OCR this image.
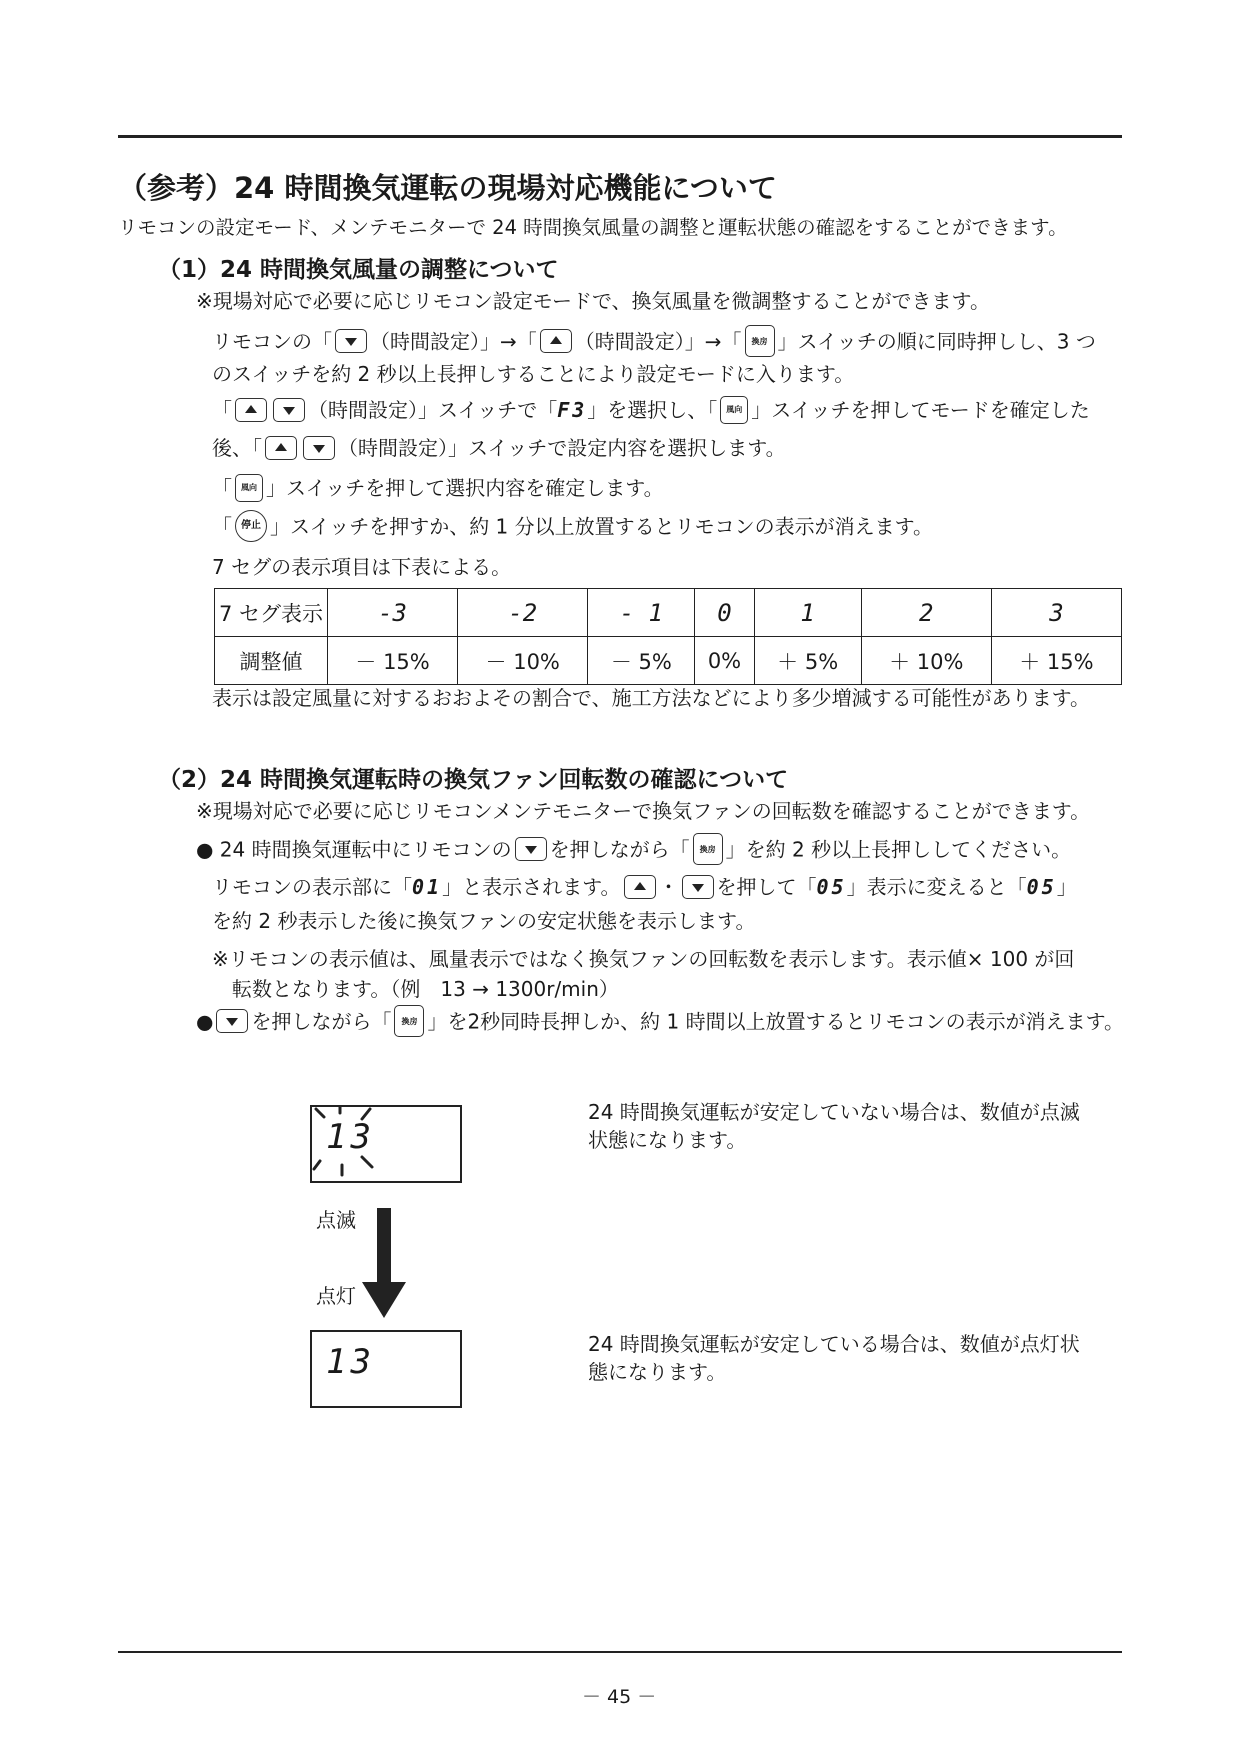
（参考）24 時間換気運転の現場対応機能について
リモコンの設定モード、メンテモニターで 24 時間換気風量の調整と運転状態の確認をすることができます。
（1）24 時間換気風量の調整について
※現場対応で必要に応じリモコン設定モードで、換気風量を微調整することができます。
リモコンの「 （時間設定）」→「 （時間設定）」→「 換房 」スイッチの順に同時押しし、3 つ
のスイッチを約 2 秒以上長押しすることにより設定モードに入ります。
「	（時間設定）」スイッチで「F3」を選択し、「 風向 」スイッチを押してモードを確定した
後、「	（時間設定）」スイッチで設定内容を選択します。
「 風向 」スイッチを押して選択内容を確定します。
「 停止 」スイッチを押すか、約 1 分以上放置するとリモコンの表示が消えます。
7 セグの表示項目は下表による。
7 セグ表示	-3	-2	- 1	0	1	2	3
調整値	－ 15%	－ 10%	－ 5%	0%	＋ 5%	＋ 10%	＋ 15%
表示は設定風量に対するおおよその割合で、施工方法などにより多少増減する可能性があります。
（2）24 時間換気運転時の換気ファン回転数の確認について
※現場対応で必要に応じリモコンメンテモニターで換気ファンの回転数を確認することができます。
● 24 時間換気運転中にリモコンの を押しながら「 換房 」を約 2 秒以上長押ししてください。
リモコンの表示部に「01」と表示されます。 ・ を押して「05」表示に変えると「05」
を約 2 秒表示した後に換気ファンの安定状態を表示します。
※リモコンの表示値は、風量表示ではなく換気ファンの回転数を表示します。表示値× 100 が回
転数となります。（例　13 → 1300r/min）
● を押しながら「 換房 」を2秒同時長押しか、約 1 時間以上放置するとリモコンの表示が消えます。
13
点滅
点灯
13
24 時間換気運転が安定していない場合は、数値が点滅
状態になります。
24 時間換気運転が安定している場合は、数値が点灯状
態になります。
－ 45 －
